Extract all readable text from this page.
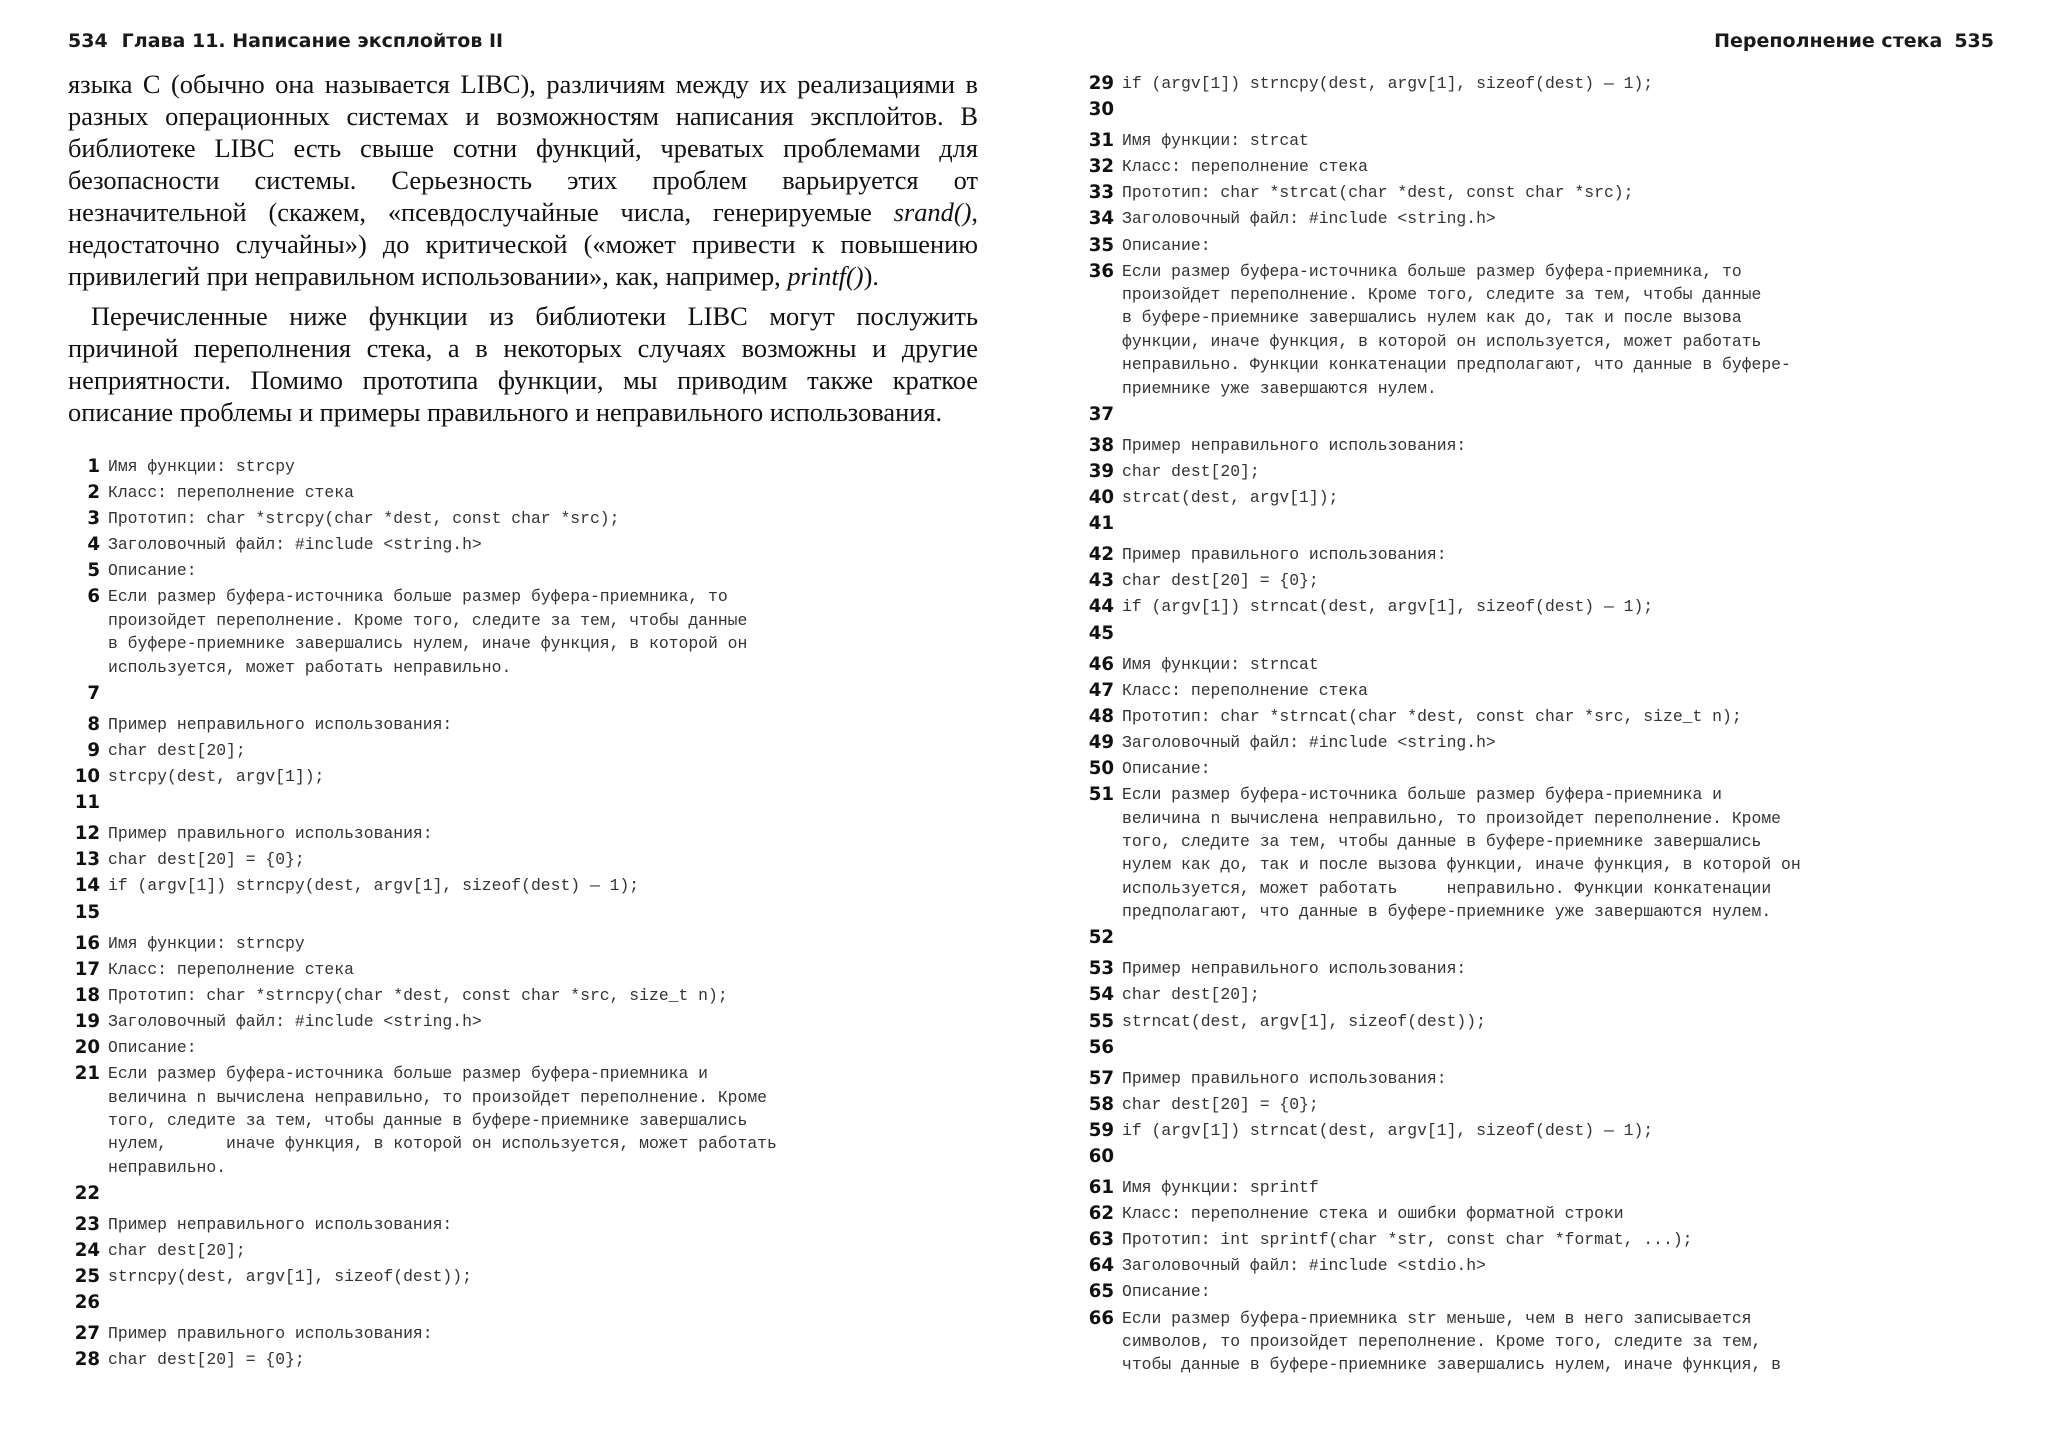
534 Глава 11. Написание эксплойтов II

языка C (обычно она называется LIBC), различиям между их реализациями в разных операционных системах и возможностям написания эксплойтов. В библиотеке LIBC есть свыше сотни функций, чреватых проблемами для безопасности системы. Серьезность этих проблем варьируется от незначительной (скажем, «псевдослучайные числа, генерируемые srand(), недостаточно случайны») до критической («может привести к повышению привилегий при неправильном использовании», как, например, printf()).

Перечисленные ниже функции из библиотеки LIBC могут послужить причиной переполнения стека, а в некоторых случаях возможны и другие неприятности. Помимо прототипа функции, мы приводим также краткое описание проблемы и примеры правильного и неправильного использования.

1 Имя функции: strcpy
2 Класс: переполнение стека
3 Прототип: char *strcpy(char *dest, const char *src);
4 Заголовочный файл: #include <string.h>
5 Описание:
6 Если размер буфера-источника больше размер буфера-приемника, то
произойдет переполнение. Кроме того, следите за тем, чтобы данные
в буфере-приемнике завершались нулем, иначе функция, в которой он
используется, может работать неправильно.
7
8 Пример неправильного использования:
9 char dest[20];
10 strcpy(dest, argv[1]);
11
12 Пример правильного использования:
13 char dest[20] = {0};
14 if (argv[1]) strncpy(dest, argv[1], sizeof(dest) — 1);
15
16 Имя функции: strncpy
17 Класс: переполнение стека
18 Прототип: char *strncpy(char *dest, const char *src, size_t n);
19 Заголовочный файл: #include <string.h>
20 Описание:
21 Если размер буфера-источника больше размер буфера-приемника и
величина n вычислена неправильно, то произойдет переполнение. Кроме
того, следите за тем, чтобы данные в буфере-приемнике завершались
нулем,      иначе функция, в которой он используется, может работать
неправильно.
22
23 Пример неправильного использования:
24 char dest[20];
25 strncpy(dest, argv[1], sizeof(dest));
26
27 Пример правильного использования:
28 char dest[20] = {0};
Переполнение стека 535
29 if (argv[1]) strncpy(dest, argv[1], sizeof(dest) — 1);
30
31 Имя функции: strcat
32 Класс: переполнение стека
33 Прототип: char *strcat(char *dest, const char *src);
34 Заголовочный файл: #include <string.h>
35 Описание:
36 Если размер буфера-источника больше размер буфера-приемника, то
произойдет переполнение. Кроме того, следите за тем, чтобы данные
в буфере-приемнике завершались нулем как до, так и после вызова
функции, иначе функция, в которой он используется, может работать
неправильно. Функции конкатенации предполагают, что данные в буфере-
приемнике уже завершаются нулем.
37
38 Пример неправильного использования:
39 char dest[20];
40 strcat(dest, argv[1]);
41
42 Пример правильного использования:
43 char dest[20] = {0};
44 if (argv[1]) strncat(dest, argv[1], sizeof(dest) — 1);
45
46 Имя функции: strncat
47 Класс: переполнение стека
48 Прототип: char *strncat(char *dest, const char *src, size_t n);
49 Заголовочный файл: #include <string.h>
50 Описание:
51 Если размер буфера-источника больше размер буфера-приемника и
величина n вычислена неправильно, то произойдет переполнение. Кроме
того, следите за тем, чтобы данные в буфере-приемнике завершались
нулем как до, так и после вызова функции, иначе функция, в которой он
используется, может работать     неправильно. Функции конкатенации
предполагают, что данные в буфере-приемнике уже завершаются нулем.
52
53 Пример неправильного использования:
54 char dest[20];
55 strncat(dest, argv[1], sizeof(dest));
56
57 Пример правильного использования:
58 char dest[20] = {0};
59 if (argv[1]) strncat(dest, argv[1], sizeof(dest) — 1);
60
61 Имя функции: sprintf
62 Класс: переполнение стека и ошибки форматной строки
63 Прототип: int sprintf(char *str, const char *format, ...);
64 Заголовочный файл: #include <stdio.h>
65 Описание:
66 Если размер буфера-приемника str меньше, чем в него записывается
символов, то произойдет переполнение. Кроме того, следите за тем,
чтобы данные в буфере-приемнике завершались нулем, иначе функция, в
